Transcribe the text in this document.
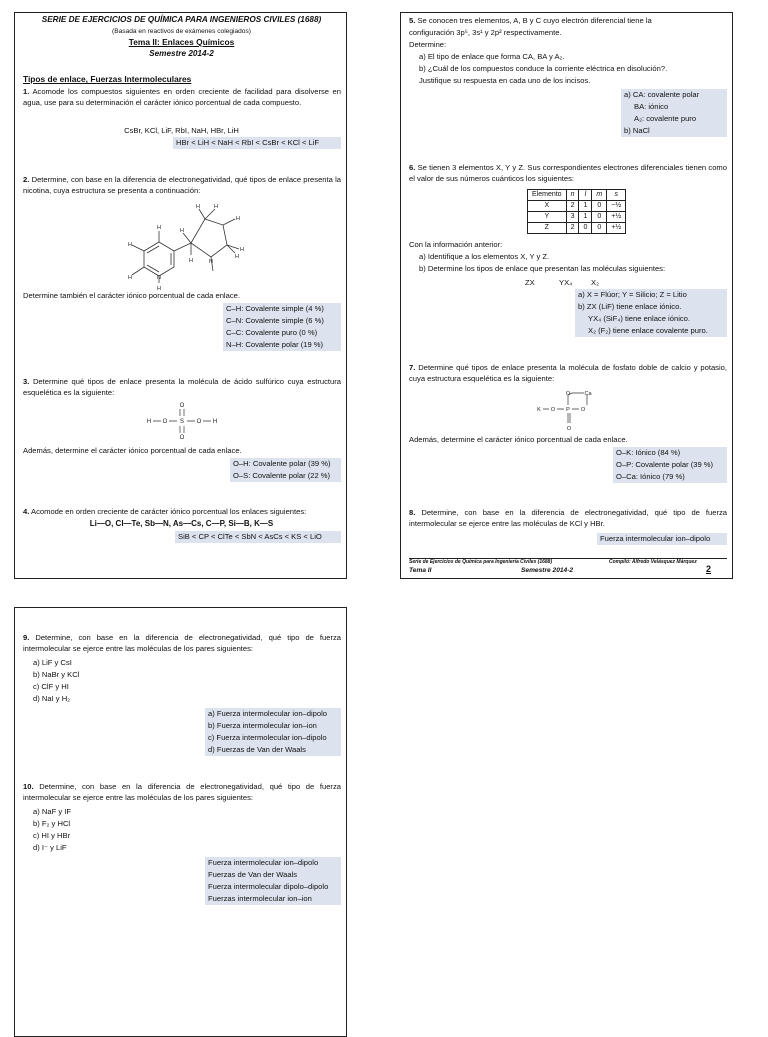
SERIE DE EJERCICIOS DE QUÍMICA PARA INGENIEROS CIVILES (1688)
(Basada en reactivos de exámenes colegiados)
Tema II: Enlaces Químicos
Semestre 2014-2
Tipos de enlace, Fuerzas Intermoleculares
1. Acomode los compuestos siguientes en orden creciente de facilidad para disolverse en agua, use para su determinación el carácter iónico porcentual de cada compuesto.
CsBr, KCl, LiF, RbI, NaH, HBr, LiH
HBr < LiH < NaH < RbI < CsBr < KCl < LiF
2. Determine, con base en la diferencia de electronegatividad, qué tipos de enlace presenta la nicotina, cuya estructura se presenta a continuación:
H
H
H
H
H
H	H
H
H
H
H
N
N
Determine también el carácter iónico porcentual de cada enlace.
C–H: Covalente simple (4 %)
C–N: Covalente simple (6 %)
C–C: Covalente puro (0 %)
N–H: Covalente polar (19 %)
3. Determine qué tipos de enlace presenta la molécula de ácido sulfúrico cuya estructura esquelética es la siguiente:
H O S O H
O
O
Además, determine el carácter iónico porcentual de cada enlace.
O–H: Covalente polar (39 %)
O–S: Covalente polar (22 %)
4. Acomode en orden creciente de carácter iónico porcentual los enlaces siguientes:
Li—O, Cl—Te, Sb—N, As—Cs, C—P, Si—B, K—S
SiB < CP < ClTe < SbN < AsCs < KS < LiO
5. Se conocen tres elementos, A, B y C cuyo electrón diferencial tiene la
configuración 3p⁵, 3s¹ y 2p² respectivamente.
Determine:
a) El tipo de enlace que forma CA, BA y A₂.
b) ¿Cuál de los compuestos conduce la corriente eléctrica en disolución?.
Justifique su respuesta en cada uno de los incisos.
a) CA: covalente polar
BA: iónico
A₂: covalente puro
b) NaCl
6. Se tienen 3 elementos X, Y y Z. Sus correspondientes electrones diferenciales tienen como el valor de sus números cuánticos los siguientes:
Elemento	n	l	m	s
X	2	1	0	−½
Y	3	1	0	+½
Z	2	0	0	+½
Con la información anterior:
a) Identifique a los elementos X, Y y Z.
b) Determine los tipos de enlace que presentan las moléculas siguientes:
ZX	YX₄ X₂
a) X = Flúor; Y = Silicio; Z = Litio
b) ZX (LiF) tiene enlace iónico.
YX₄ (SiF₄) tiene enlace iónico.
X₂ (F₂) tiene enlace covalente puro.
7. Determine qué tipos de enlace presenta la molécula de fosfato doble de calcio y potasio, cuya estructura esquelética es la siguiente:
K O P O
O	Ca
O
Además, determine el carácter iónico porcentual de cada enlace.
O–K: Iónico (84 %)
O–P: Covalente polar (39 %)
O–Ca: Iónico (79 %)
8. Determine, con base en la diferencia de electronegatividad, qué tipo de fuerza intermolecular se ejerce entre las moléculas de KCl y HBr.
Fuerza intermolecular ion–dipolo
Serie de Ejercicios de Química para Ingeniería Civiles (1688)	Compiló: Alfredo Velásquez Márquez
Tema II	Semestre 2014-2	2
9. Determine, con base en la diferencia de electronegatividad, qué tipo de fuerza intermolecular se ejerce entre las moléculas de los pares siguientes:
a) LiF y CsI
b) NaBr y KCl
c) ClF y HI
d) NaI y H₂
a) Fuerza intermolecular ion–dipolo
b) Fuerza intermolecular ion–ion
c) Fuerza intermolecular ion–dipolo
d) Fuerzas de Van der Waals
10. Determine, con base en la diferencia de electronegatividad, qué tipo de fuerza intermolecular se ejerce entre las moléculas de los pares siguientes:
a) NaF y IF
b) F₂ y HCl
c) HI y HBr
d) I⁻ y LiF
Fuerza intermolecular ion–dipolo
Fuerzas de Van der Waals
Fuerza intermolecular dipolo–dipolo
Fuerzas intermolecular ion–ion
